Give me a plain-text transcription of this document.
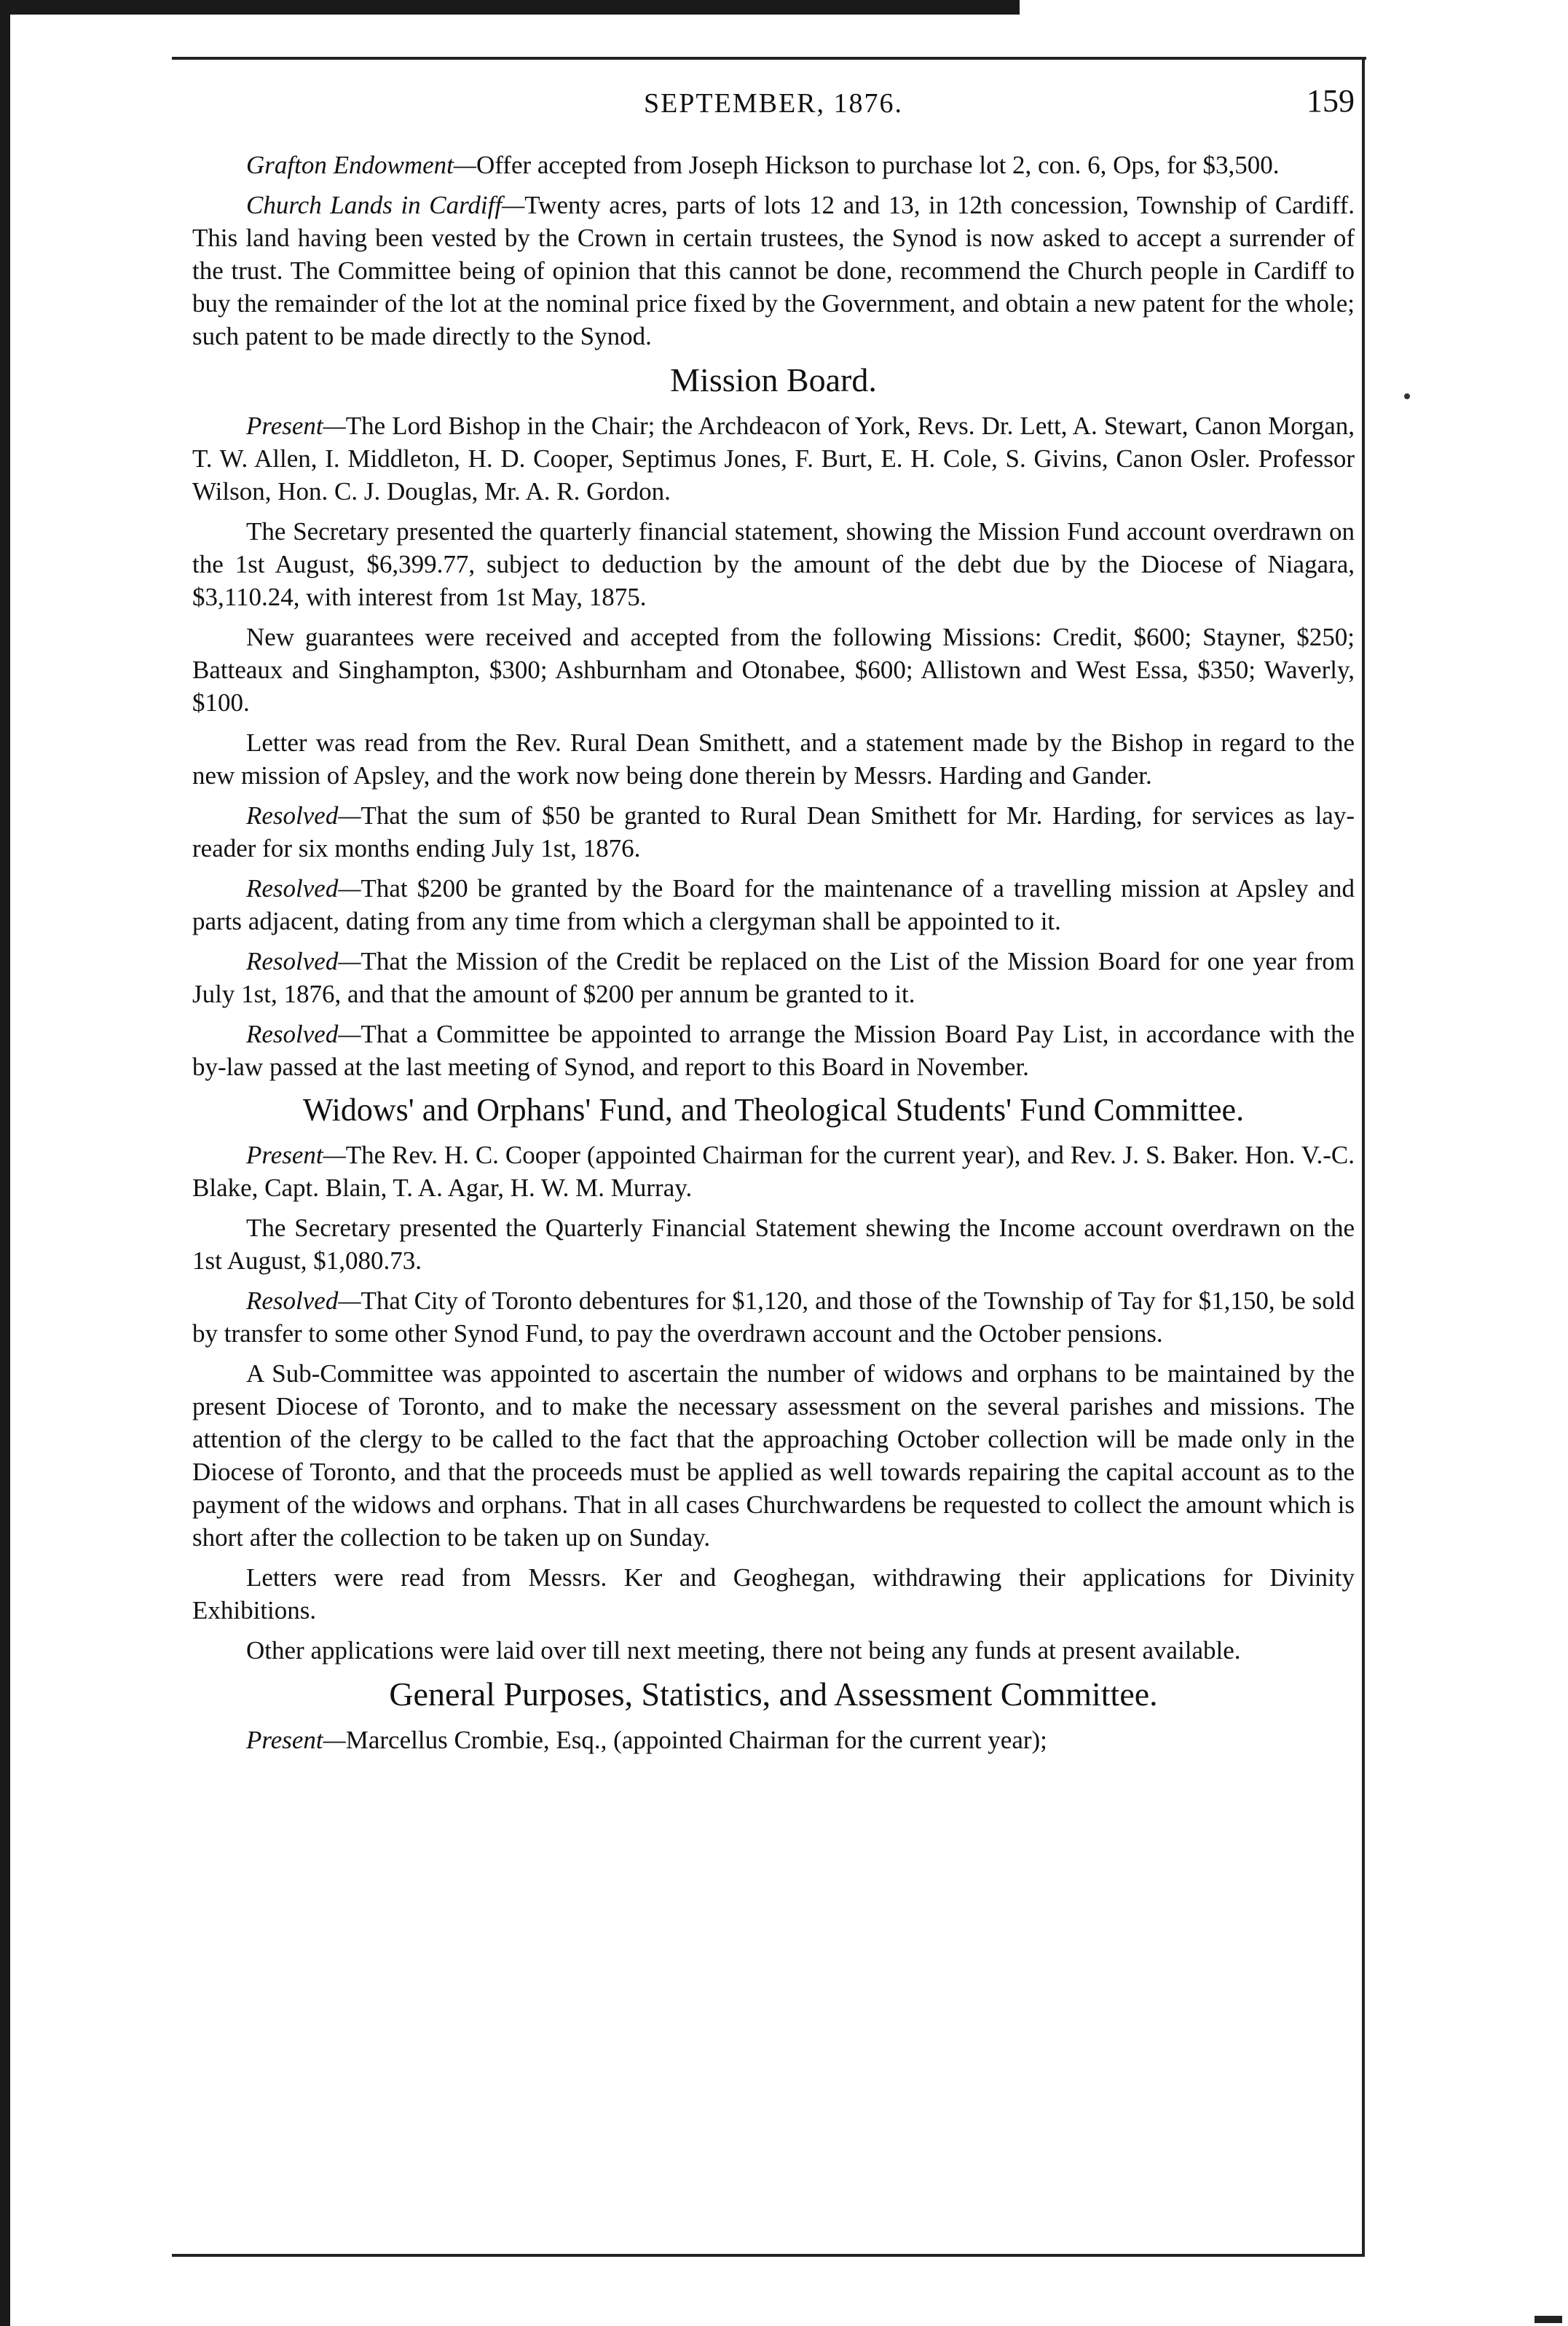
SEPTEMBER, 1876.	159

Grafton Endowment—Offer accepted from Joseph Hickson to purchase lot 2, con. 6, Ops, for $3,500.

Church Lands in Cardiff—Twenty acres, parts of lots 12 and 13, in 12th concession, Township of Cardiff. This land having been vested by the Crown in certain trustees, the Synod is now asked to accept a surrender of the trust. The Committee being of opinion that this cannot be done, recommend the Church people in Cardiff to buy the remainder of the lot at the nominal price fixed by the Government, and obtain a new patent for the whole; such patent to be made directly to the Synod.

Mission Board.

Present—The Lord Bishop in the Chair; the Archdeacon of York, Revs. Dr. Lett, A. Stewart, Canon Morgan, T. W. Allen, I. Middleton, H. D. Cooper, Septimus Jones, F. Burt, E. H. Cole, S. Givins, Canon Osler. Professor Wilson, Hon. C. J. Douglas, Mr. A. R. Gordon.

The Secretary presented the quarterly financial statement, showing the Mission Fund account overdrawn on the 1st August, $6,399.77, subject to deduction by the amount of the debt due by the Diocese of Niagara, $3,110.24, with interest from 1st May, 1875.

New guarantees were received and accepted from the following Missions: Credit, $600; Stayner, $250; Batteaux and Singhampton, $300; Ashburnham and Otonabee, $600; Allistown and West Essa, $350; Waverly, $100.

Letter was read from the Rev. Rural Dean Smithett, and a statement made by the Bishop in regard to the new mission of Apsley, and the work now being done therein by Messrs. Harding and Gander.

Resolved—That the sum of $50 be granted to Rural Dean Smithett for Mr. Harding, for services as lay-reader for six months ending July 1st, 1876.

Resolved—That $200 be granted by the Board for the maintenance of a travelling mission at Apsley and parts adjacent, dating from any time from which a clergyman shall be appointed to it.

Resolved—That the Mission of the Credit be replaced on the List of the Mission Board for one year from July 1st, 1876, and that the amount of $200 per annum be granted to it.

Resolved—That a Committee be appointed to arrange the Mission Board Pay List, in accordance with the by-law passed at the last meeting of Synod, and report to this Board in November.

Widows' and Orphans' Fund, and Theological Students' Fund Committee.

Present—The Rev. H. C. Cooper (appointed Chairman for the current year), and Rev. J. S. Baker. Hon. V.-C. Blake, Capt. Blain, T. A. Agar, H. W. M. Murray.

The Secretary presented the Quarterly Financial Statement shewing the Income account overdrawn on the 1st August, $1,080.73.

Resolved—That City of Toronto debentures for $1,120, and those of the Township of Tay for $1,150, be sold by transfer to some other Synod Fund, to pay the overdrawn account and the October pensions.

A Sub-Committee was appointed to ascertain the number of widows and orphans to be maintained by the present Diocese of Toronto, and to make the necessary assessment on the several parishes and missions. The attention of the clergy to be called to the fact that the approaching October collection will be made only in the Diocese of Toronto, and that the proceeds must be applied as well towards repairing the capital account as to the payment of the widows and orphans. That in all cases Churchwardens be requested to collect the amount which is short after the collection to be taken up on Sunday.

Letters were read from Messrs. Ker and Geoghegan, withdrawing their applications for Divinity Exhibitions.

Other applications were laid over till next meeting, there not being any funds at present available.

General Purposes, Statistics, and Assessment Committee.

Present—Marcellus Crombie, Esq., (appointed Chairman for the current year);
